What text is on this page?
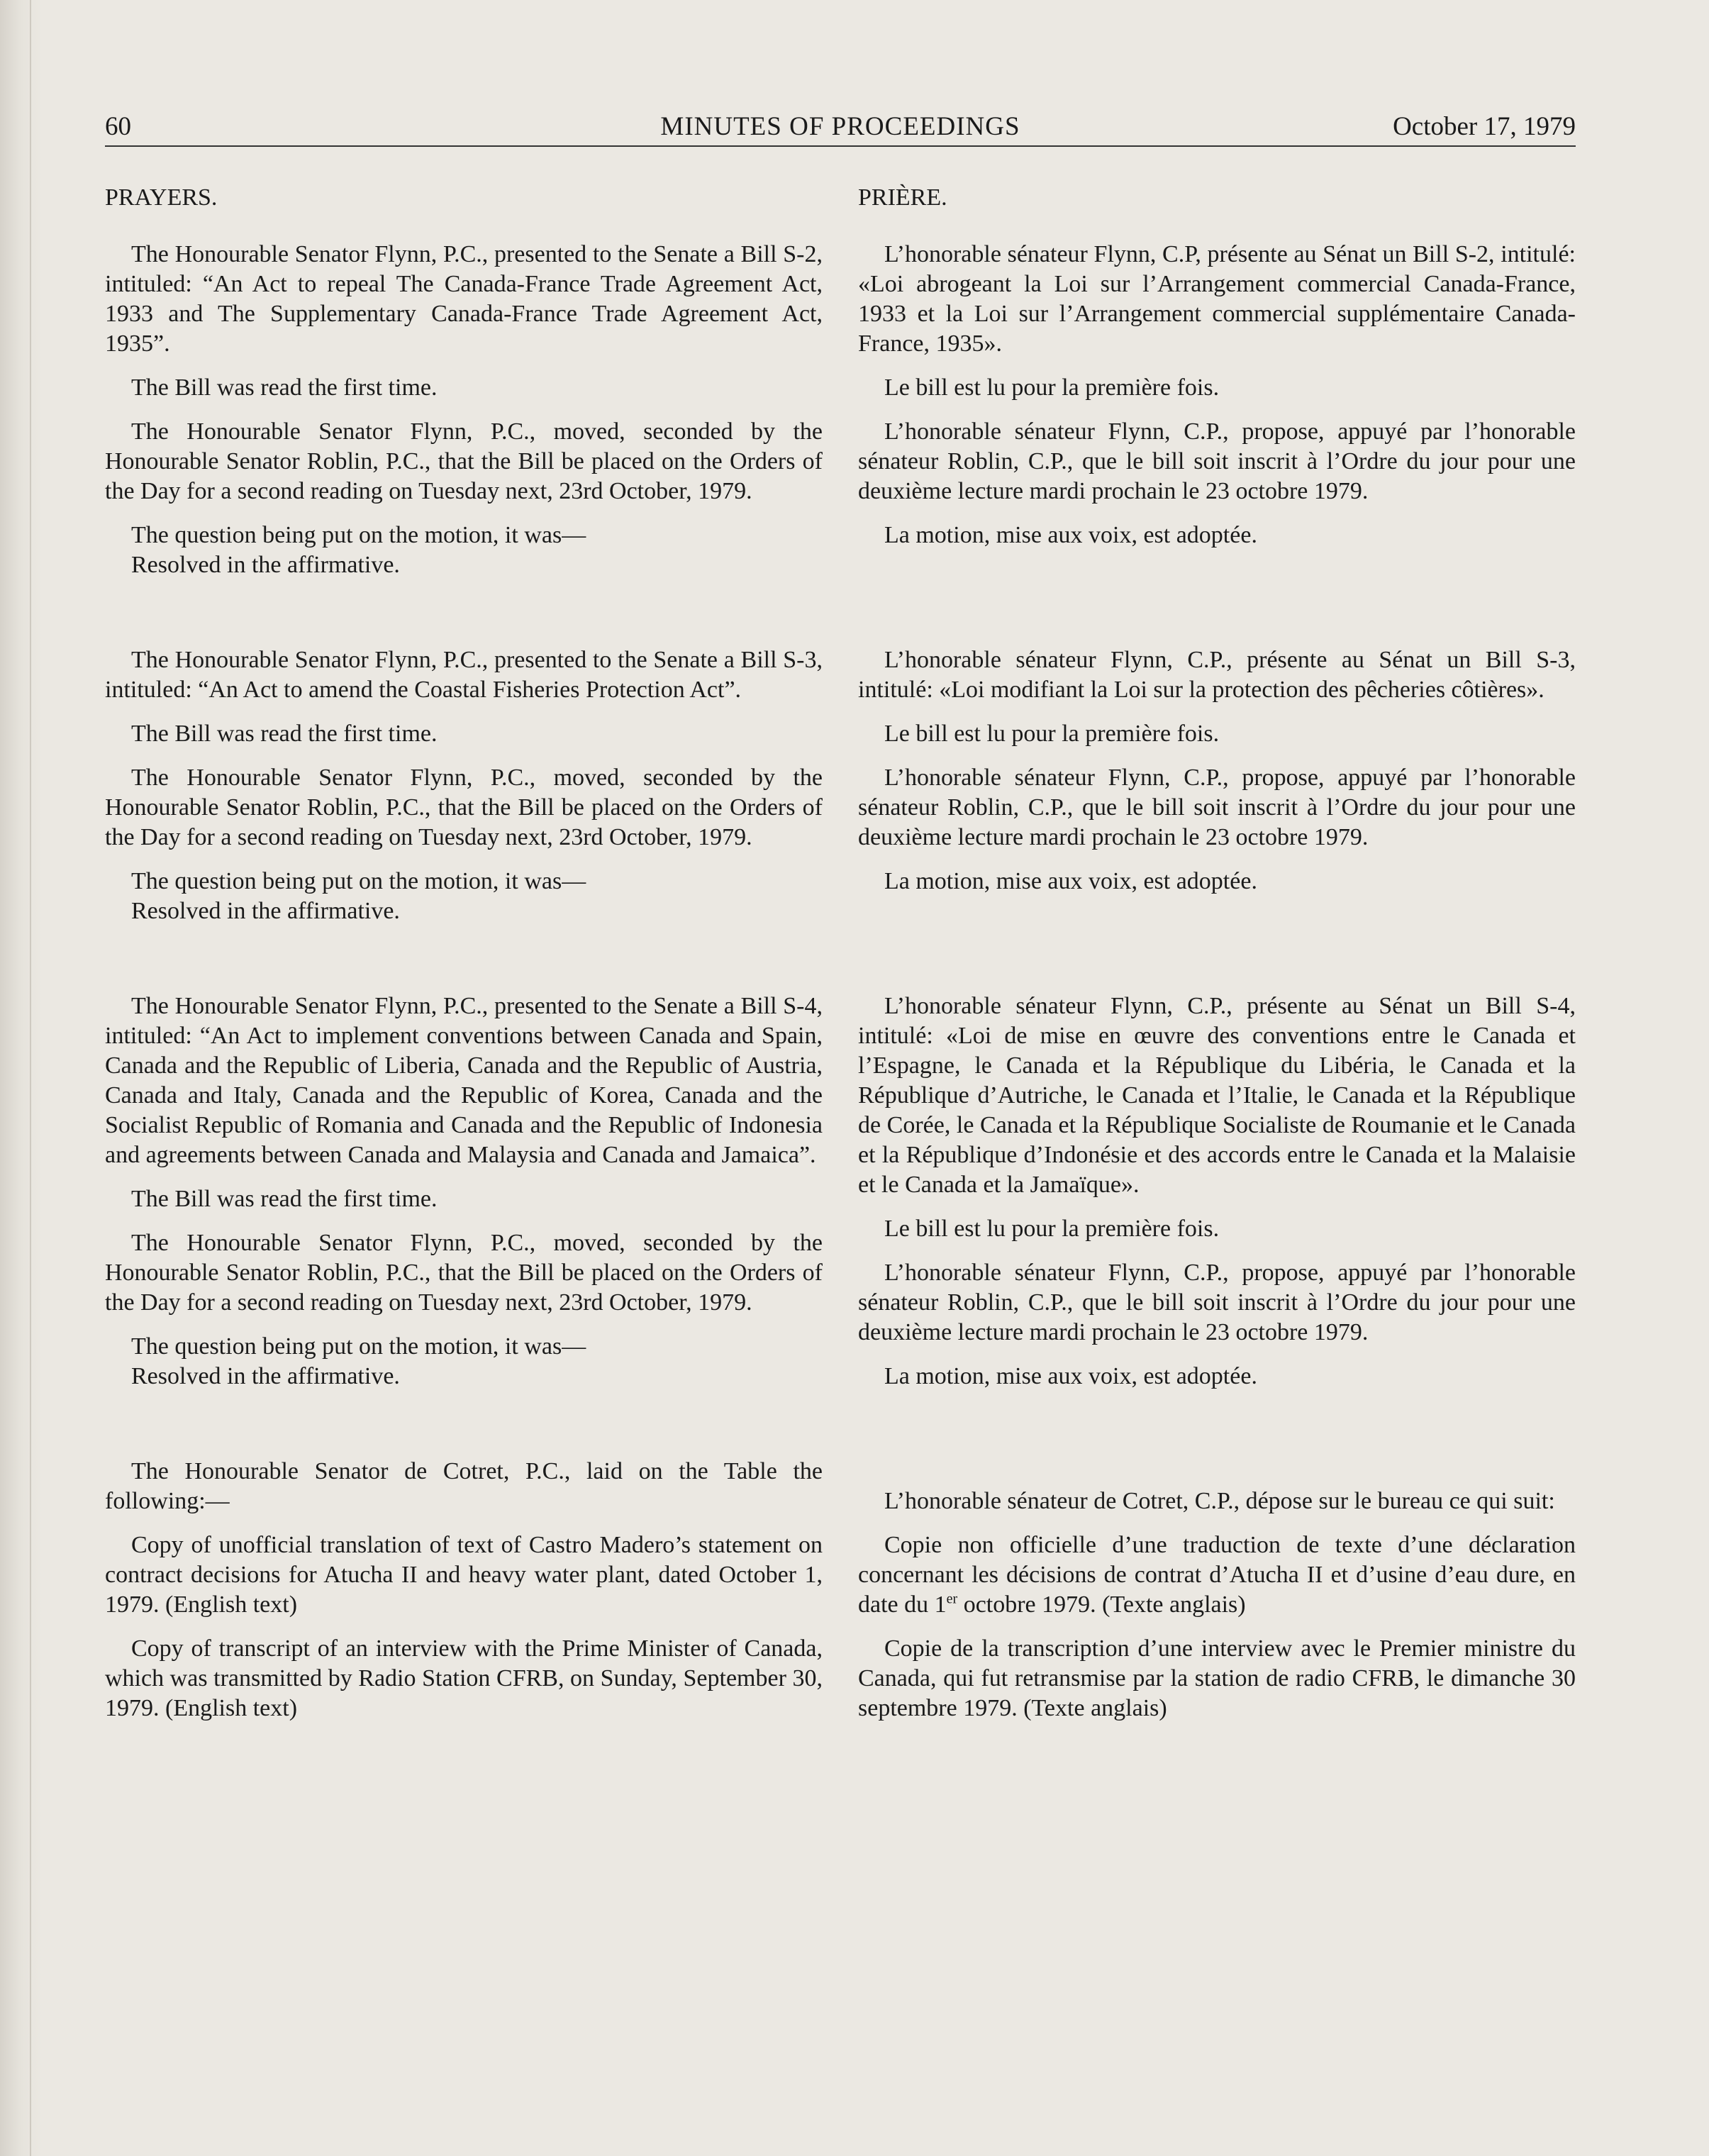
60	MINUTES OF PROCEEDINGS	October 17, 1979

PRAYERS.

The Honourable Senator Flynn, P.C., presented to the Senate a Bill S-2, intituled: “An Act to repeal The Canada-France Trade Agreement Act, 1933 and The Supplementary Canada-France Trade Agreement Act, 1935”.

The Bill was read the first time.

The Honourable Senator Flynn, P.C., moved, seconded by the Honourable Senator Roblin, P.C., that the Bill be placed on the Orders of the Day for a second reading on Tuesday next, 23rd October, 1979.

The question being put on the motion, it was—

Resolved in the affirmative.

The Honourable Senator Flynn, P.C., presented to the Senate a Bill S-3, intituled: “An Act to amend the Coastal Fisheries Protection Act”.

The Bill was read the first time.

The Honourable Senator Flynn, P.C., moved, seconded by the Honourable Senator Roblin, P.C., that the Bill be placed on the Orders of the Day for a second reading on Tuesday next, 23rd October, 1979.

The question being put on the motion, it was—

Resolved in the affirmative.

The Honourable Senator Flynn, P.C., presented to the Senate a Bill S-4, intituled: “An Act to implement conventions between Canada and Spain, Canada and the Republic of Liberia, Canada and the Republic of Austria, Canada and Italy, Canada and the Republic of Korea, Canada and the Socialist Republic of Romania and Canada and the Republic of Indonesia and agreements between Canada and Malaysia and Canada and Jamaica”.

The Bill was read the first time.

The Honourable Senator Flynn, P.C., moved, seconded by the Honourable Senator Roblin, P.C., that the Bill be placed on the Orders of the Day for a second reading on Tuesday next, 23rd October, 1979.

The question being put on the motion, it was—

Resolved in the affirmative.

The Honourable Senator de Cotret, P.C., laid on the Table the following:—

Copy of unofficial translation of text of Castro Madero’s statement on contract decisions for Atucha II and heavy water plant, dated October 1, 1979. (English text)

Copy of transcript of an interview with the Prime Minister of Canada, which was transmitted by Radio Station CFRB, on Sunday, September 30, 1979. (English text)

PRIÈRE.

L’honorable sénateur Flynn, C.P, présente au Sénat un Bill S-2, intitulé: «Loi abrogeant la Loi sur l’Arrangement commercial Canada-France, 1933 et la Loi sur l’Arrangement commercial supplémentaire Canada-France, 1935».

Le bill est lu pour la première fois.

L’honorable sénateur Flynn, C.P., propose, appuyé par l’honorable sénateur Roblin, C.P., que le bill soit inscrit à l’Ordre du jour pour une deuxième lecture mardi prochain le 23 octobre 1979.

La motion, mise aux voix, est adoptée.

L’honorable sénateur Flynn, C.P., présente au Sénat un Bill S-3, intitulé: «Loi modifiant la Loi sur la protection des pêcheries côtières».

Le bill est lu pour la première fois.

L’honorable sénateur Flynn, C.P., propose, appuyé par l’honorable sénateur Roblin, C.P., que le bill soit inscrit à l’Ordre du jour pour une deuxième lecture mardi prochain le 23 octobre 1979.

La motion, mise aux voix, est adoptée.

L’honorable sénateur Flynn, C.P., présente au Sénat un Bill S-4, intitulé: «Loi de mise en œuvre des conventions entre le Canada et l’Espagne, le Canada et la République du Libéria, le Canada et la République d’Autriche, le Canada et l’Italie, le Canada et la République de Corée, le Canada et la République Socialiste de Roumanie et le Canada et la République d’Indonésie et des accords entre le Canada et la Malaisie et le Canada et la Jamaïque».

Le bill est lu pour la première fois.

L’honorable sénateur Flynn, C.P., propose, appuyé par l’honorable sénateur Roblin, C.P., que le bill soit inscrit à l’Ordre du jour pour une deuxième lecture mardi prochain le 23 octobre 1979.

La motion, mise aux voix, est adoptée.

L’honorable sénateur de Cotret, C.P., dépose sur le bureau ce qui suit:

Copie non officielle d’une traduction de texte d’une déclaration concernant les décisions de contrat d’Atucha II et d’usine d’eau dure, en date du 1er octobre 1979. (Texte anglais)

Copie de la transcription d’une interview avec le Premier ministre du Canada, qui fut retransmise par la station de radio CFRB, le dimanche 30 septembre 1979. (Texte anglais)
